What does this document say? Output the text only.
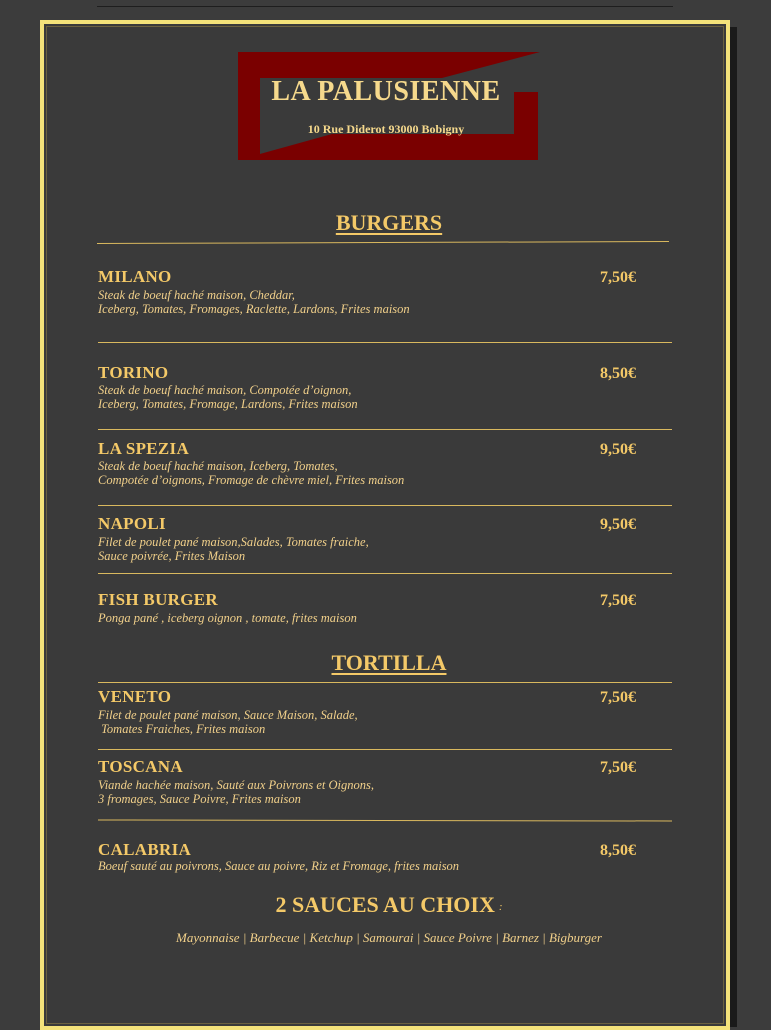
LA PALUSIENNE
10 Rue Diderot 93000 Bobigny
BURGERS
MILANO	7,50€
Steak de boeuf haché maison, Cheddar,
Iceberg, Tomates, Fromages, Raclette, Lardons, Frites maison
TORINO	8,50€
Steak de boeuf haché maison, Compotée d’oignon,
Iceberg, Tomates, Fromage, Lardons, Frites maison
LA SPEZIA	9,50€
Steak de boeuf haché maison, Iceberg, Tomates,
Compotée d’oignons, Fromage de chèvre miel, Frites maison
NAPOLI	9,50€
Filet de poulet pané maison,Salades, Tomates fraiche,
Sauce poivrée, Frites Maison
FISH BURGER	7,50€
Ponga pané , iceberg oignon , tomate, frites maison
TORTILLA
VENETO	7,50€
Filet de poulet pané maison, Sauce Maison, Salade,
Tomates Fraiches, Frites maison
TOSCANA	7,50€
Viande hachée maison, Sauté aux Poivrons et Oignons,
3 fromages, Sauce Poivre, Frites maison
CALABRIA	8,50€
Boeuf sauté au poivrons, Sauce au poivre, Riz et Fromage, frites maison
2 SAUCES AU CHOIX :
Mayonnaise | Barbecue | Ketchup | Samourai | Sauce Poivre | Barnez | Bigburger
